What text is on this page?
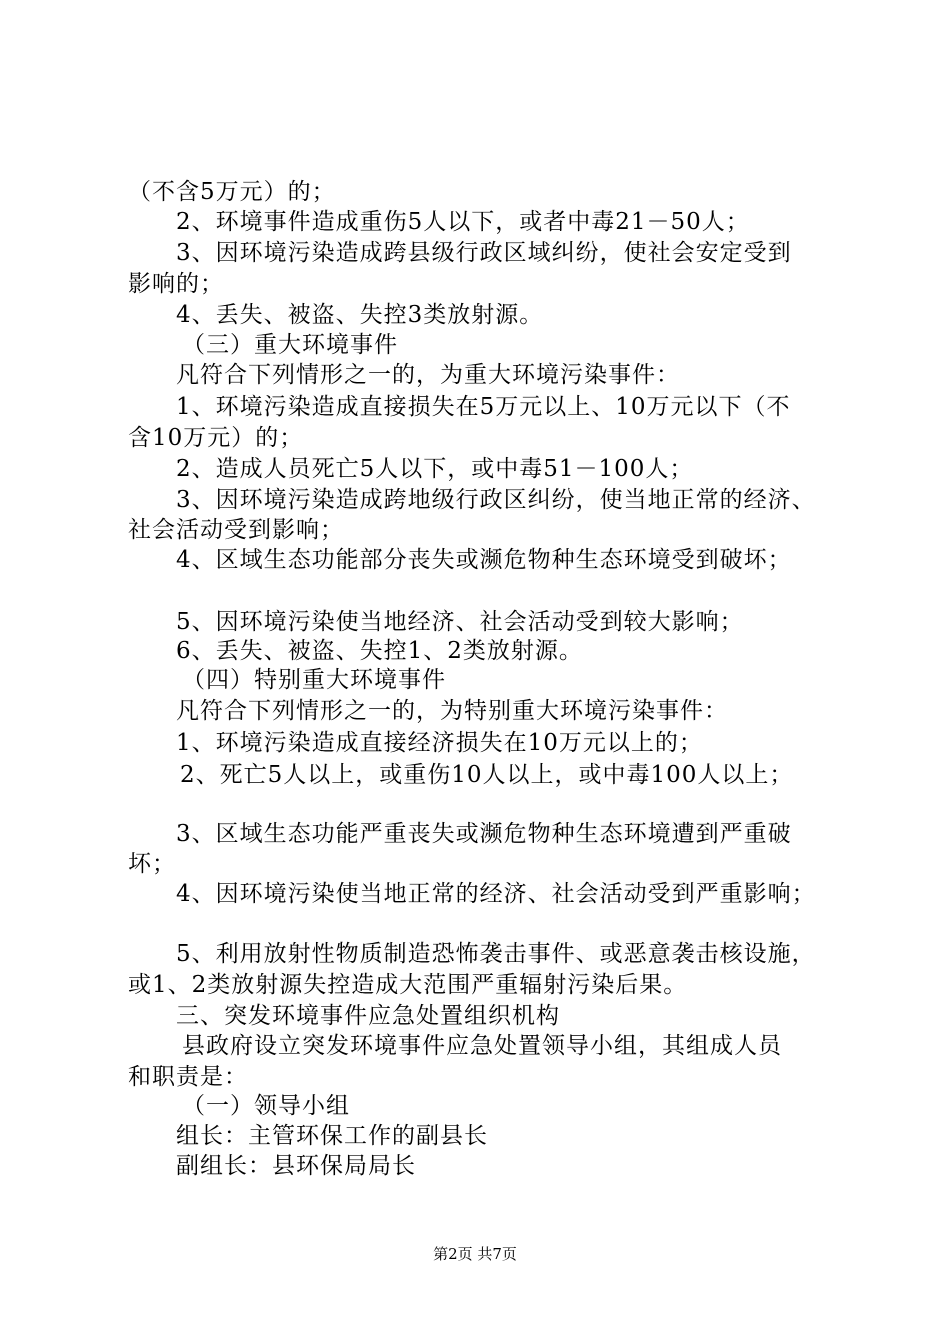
（不含5万元）的；
2、环境事件造成重伤5人以下，或者中毒21－50人；
3、因环境污染造成跨县级行政区域纠纷，使社会安定受到
影响的；
4、丢失、被盗、失控3类放射源。
（三）重大环境事件
凡符合下列情形之一的，为重大环境污染事件：
1、环境污染造成直接损失在5万元以上、10万元以下（不
含10万元）的；
2、造成人员死亡5人以下，或中毒51－100人；
3、因环境污染造成跨地级行政区纠纷，使当地正常的经济、
社会活动受到影响；
4、区域生态功能部分丧失或濒危物种生态环境受到破坏；
5、因环境污染使当地经济、社会活动受到较大影响；
6、丢失、被盗、失控1、2类放射源。
（四）特别重大环境事件
凡符合下列情形之一的，为特别重大环境污染事件：
1、环境污染造成直接经济损失在10万元以上的；
2、死亡5人以上，或重伤10人以上，或中毒100人以上；
3、区域生态功能严重丧失或濒危物种生态环境遭到严重破
坏；
4、因环境污染使当地正常的经济、社会活动受到严重影响；
5、利用放射性物质制造恐怖袭击事件、或恶意袭击核设施，
或1、2类放射源失控造成大范围严重辐射污染后果。
三、突发环境事件应急处置组织机构
县政府设立突发环境事件应急处置领导小组，其组成人员
和职责是：
（一）领导小组
组长：主管环保工作的副县长
副组长：县环保局局长
第2页 共7页
